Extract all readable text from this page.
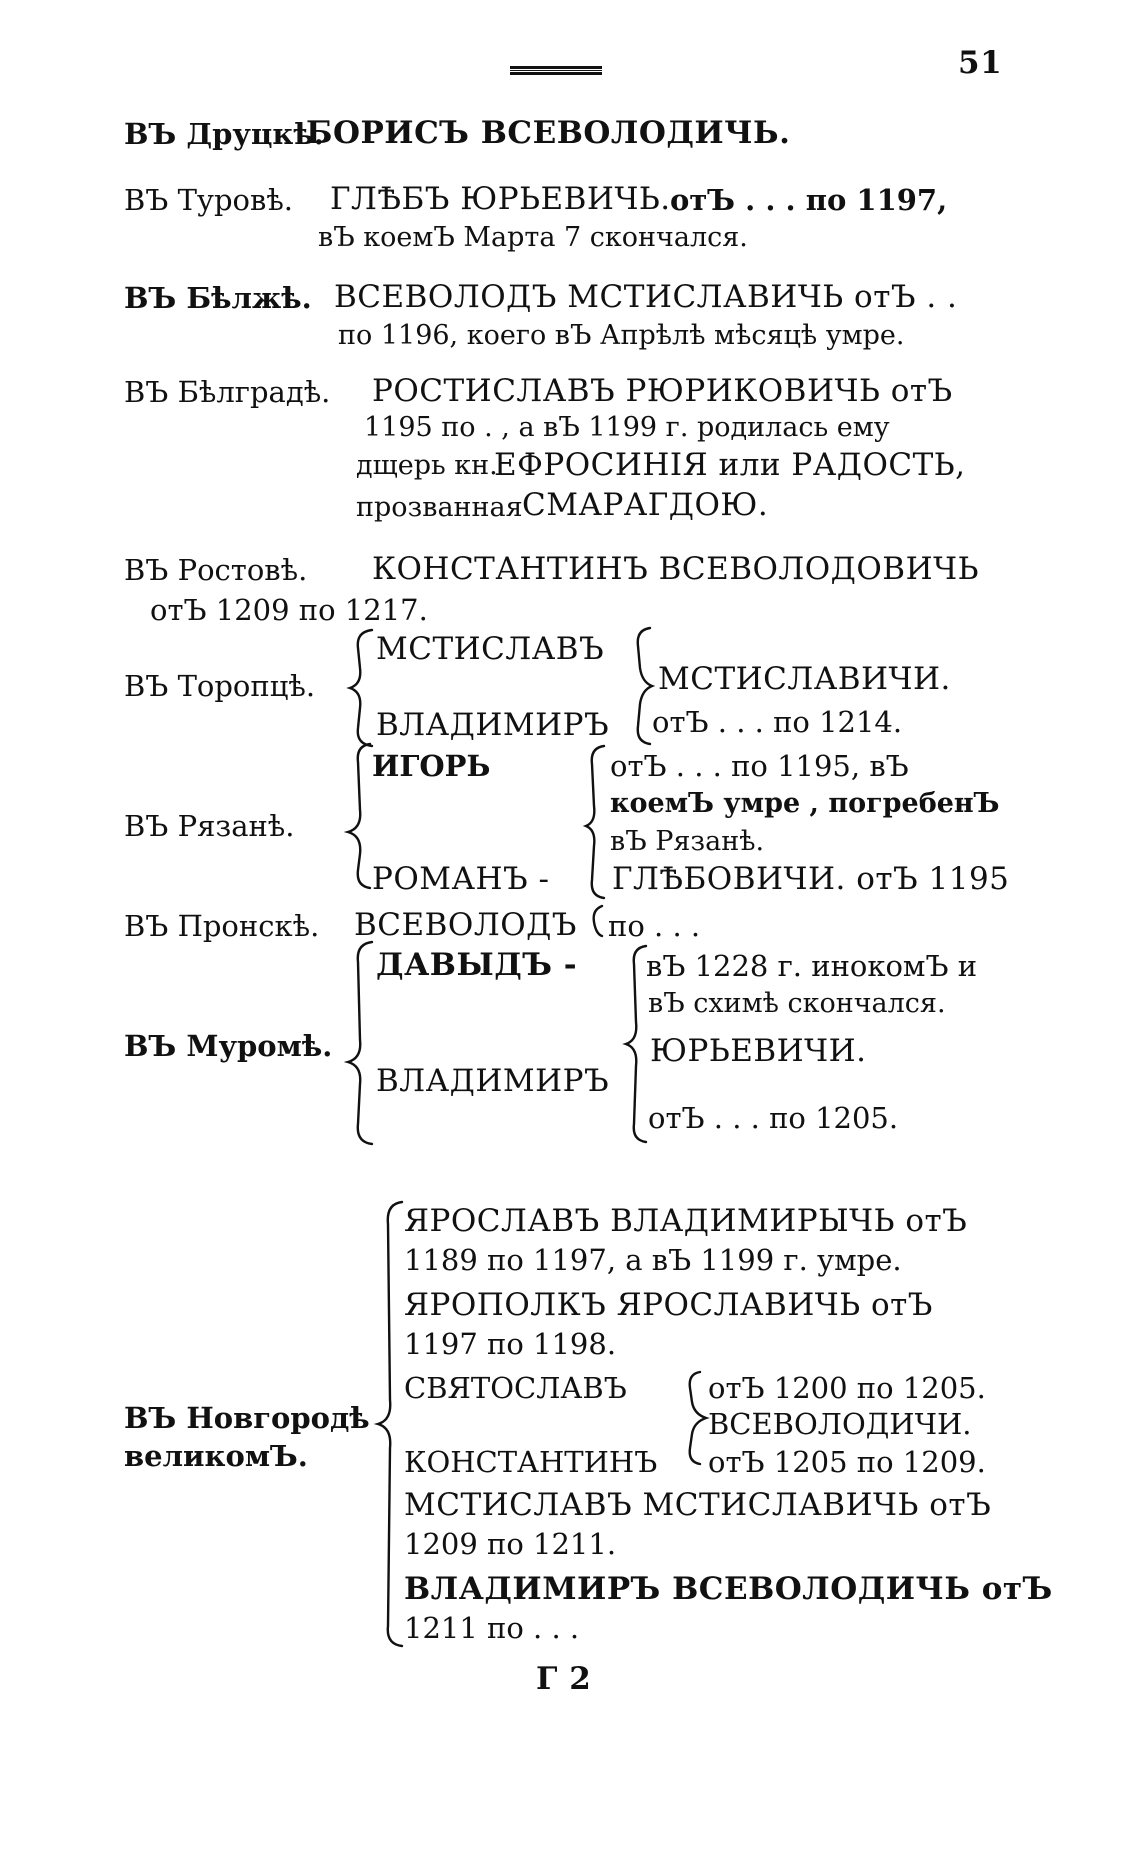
51
ВЪ Друцкѣ.
БОРИСЪ ВСЕВОЛОДИЧЬ.
ВЪ Туровѣ. ГЛѢБЪ ЮРЬЕВИЧЬ. отЪ . . . по 1197,
вЪ коемЪ Марта 7 скончался.
ВЪ Бѣлжѣ. ВСЕВОЛОДЪ МСТИСЛАВИЧЬ отЪ . .
по 1196, коего вЪ Апрѣлѣ мѣсяцѣ умре.
ВЪ Бѣлградѣ. РОСТИСЛАВЪ РЮРИКОВИЧЬ отЪ
1195 по . , а вЪ 1199 г. родилась ему
дщерь кн.
ЕФРОСИНІЯ или РАДОСТЬ,
прозванная СМАРАГДОЮ.
ВЪ Ростовѣ. КОНСТАНТИНЪ ВСЕВОЛОДОВИЧЬ
отЪ 1209 по 1217.
ВЪ Торопцѣ.
МСТИСЛАВЪ
МСТИСЛАВИЧИ.
ВЛАДИМИРЪ отЪ . . . по 1214.
ВЪ Рязанѣ.
ИГОРЬ	отЪ . . . по 1195, вЪ
коемЪ умре , погребенЪ
вЪ Рязанѣ.
РОМАНЪ - ГЛѢБОВИЧИ. отЪ 1195
ВЪ Пронскѣ. ВСЕВОЛОДЪ по . . .
ВЪ Муромѣ.
ДАВЫДЪ - вЪ 1228 г. инокомЪ и
вЪ схимѣ скончался.
ЮРЬЕВИЧИ.
ВЛАДИМИРЪ
отЪ . . . по 1205.
ВЪ Новгородѣ
великомЪ.
ЯРОСЛАВЪ ВЛАДИМИРЫЧЬ отЪ
1189 по 1197, а вЪ 1199 г. умре.
ЯРОПОЛКЪ ЯРОСЛАВИЧЬ отЪ
1197 по 1198.
СВЯТОСЛАВЪ	отЪ 1200 по 1205.
ВСЕВОЛОДИЧИ.
КОНСТАНТИНЪ отЪ 1205 по 1209.
МСТИСЛАВЪ МСТИСЛАВИЧЬ отЪ
1209 по 1211.
ВЛАДИМИРЪ ВСЕВОЛОДИЧЬ отЪ
1211 по . . .
Г 2
